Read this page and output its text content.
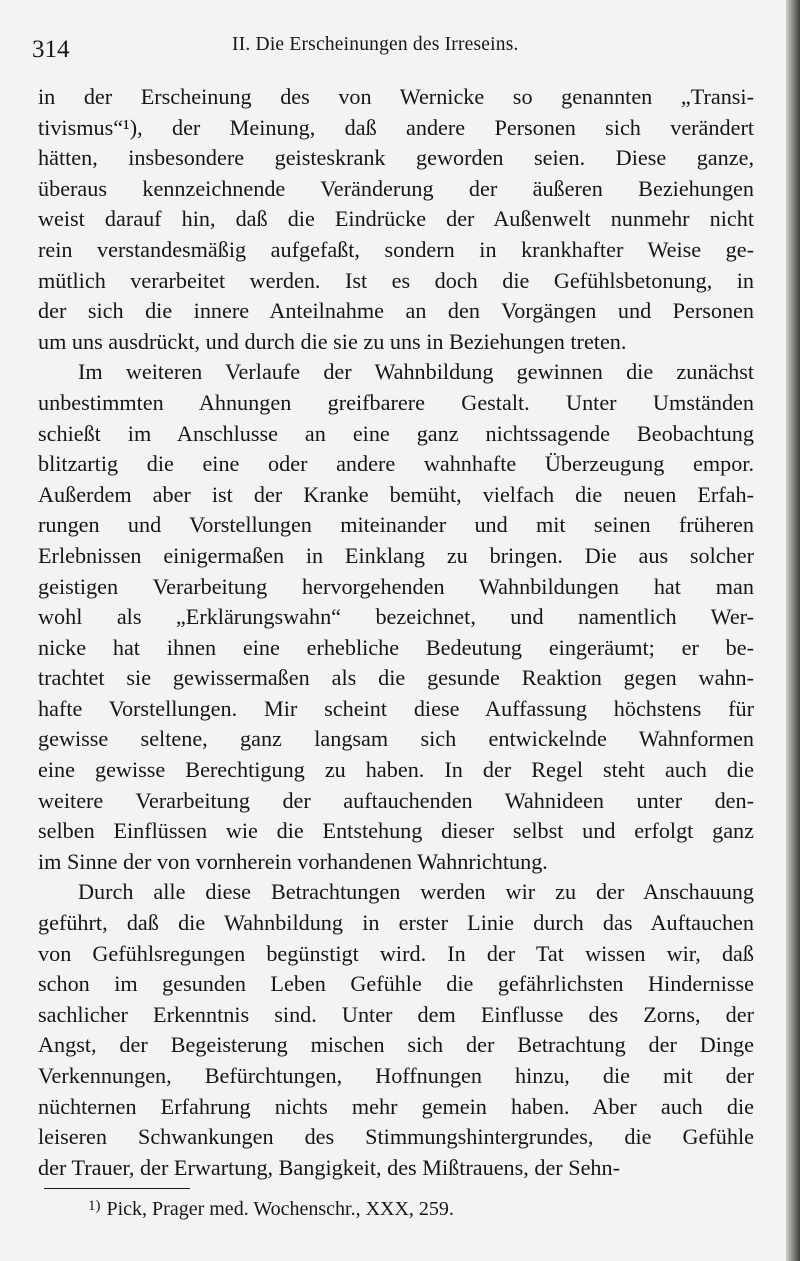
314	II. Die Erscheinungen des Irreseins.
in der Erscheinung des von Wernicke so genannten „Transi-
tivismus“¹), der Meinung, daß andere Personen sich verändert
hätten, insbesondere geisteskrank geworden seien. Diese ganze,
überaus kennzeichnende Veränderung der äußeren Beziehungen
weist darauf hin, daß die Eindrücke der Außenwelt nunmehr nicht
rein verstandesmäßig aufgefaßt, sondern in krankhafter Weise ge-
mütlich verarbeitet werden. Ist es doch die Gefühlsbetonung, in
der sich die innere Anteilnahme an den Vorgängen und Personen
um uns ausdrückt, und durch die sie zu uns in Beziehungen treten.
Im weiteren Verlaufe der Wahnbildung gewinnen die zunächst
unbestimmten Ahnungen greifbarere Gestalt. Unter Umständen
schießt im Anschlusse an eine ganz nichtssagende Beobachtung
blitzartig die eine oder andere wahnhafte Überzeugung empor.
Außerdem aber ist der Kranke bemüht, vielfach die neuen Erfah-
rungen und Vorstellungen miteinander und mit seinen früheren
Erlebnissen einigermaßen in Einklang zu bringen. Die aus solcher
geistigen Verarbeitung hervorgehenden Wahnbildungen hat man
wohl als „Erklärungswahn“ bezeichnet, und namentlich Wer-
nicke hat ihnen eine erhebliche Bedeutung eingeräumt; er be-
trachtet sie gewissermaßen als die gesunde Reaktion gegen wahn-
hafte Vorstellungen. Mir scheint diese Auffassung höchstens für
gewisse seltene, ganz langsam sich entwickelnde Wahnformen
eine gewisse Berechtigung zu haben. In der Regel steht auch die
weitere Verarbeitung der auftauchenden Wahnideen unter den-
selben Einflüssen wie die Entstehung dieser selbst und erfolgt ganz
im Sinne der von vornherein vorhandenen Wahnrichtung.
Durch alle diese Betrachtungen werden wir zu der Anschauung
geführt, daß die Wahnbildung in erster Linie durch das Auftauchen
von Gefühlsregungen begünstigt wird. In der Tat wissen wir, daß
schon im gesunden Leben Gefühle die gefährlichsten Hindernisse
sachlicher Erkenntnis sind. Unter dem Einflusse des Zorns, der
Angst, der Begeisterung mischen sich der Betrachtung der Dinge
Verkennungen, Befürchtungen, Hoffnungen hinzu, die mit der
nüchternen Erfahrung nichts mehr gemein haben. Aber auch die
leiseren Schwankungen des Stimmungshintergrundes, die Gefühle
der Trauer, der Erwartung, Bangigkeit, des Mißtrauens, der Sehn-
$^{1)}$ Pick, Prager med. Wochenschr., XXX, 259.
